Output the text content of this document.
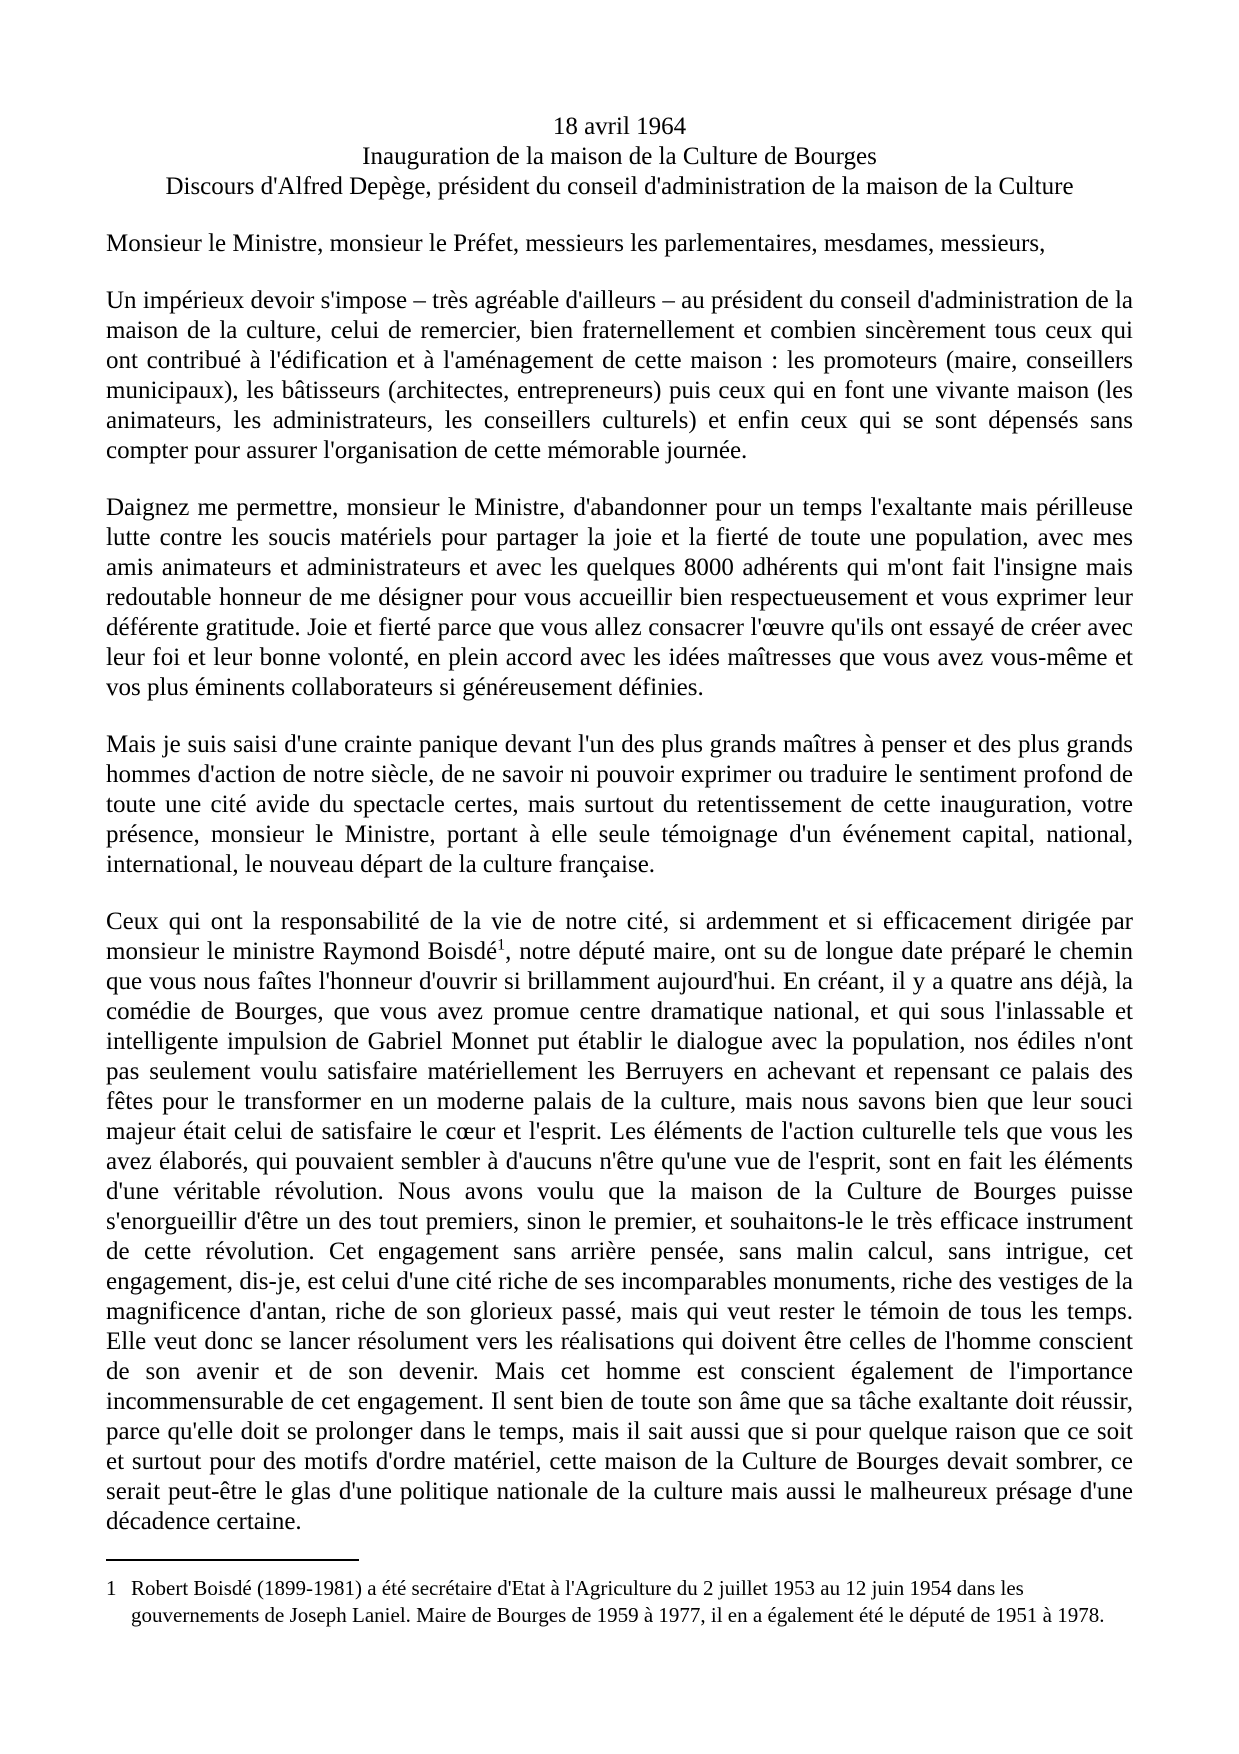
18 avril 1964

Inauguration de la maison de la Culture de Bourges

Discours d'Alfred Depège, président du conseil d'administration de la maison de la Culture

Monsieur le Ministre, monsieur le Préfet, messieurs les parlementaires, mesdames, messieurs,

Un impérieux devoir s'impose – très agréable d'ailleurs – au président du conseil d'administration de la maison de la culture, celui de remercier, bien fraternellement et combien sincèrement tous ceux qui ont contribué à l'édification et à l'aménagement de cette maison : les promoteurs (maire, conseillers municipaux), les bâtisseurs (architectes, entrepreneurs) puis ceux qui en font une vivante maison (les animateurs, les administrateurs, les conseillers culturels) et enfin ceux qui se sont dépensés sans compter pour assurer l'organisation de cette mémorable journée.

Daignez me permettre, monsieur le Ministre, d'abandonner pour un temps l'exaltante mais périlleuse lutte contre les soucis matériels pour partager la joie et la fierté de toute une population, avec mes amis animateurs et administrateurs et avec les quelques 8000 adhérents qui m'ont fait l'insigne mais redoutable honneur de me désigner pour vous accueillir bien respectueusement et vous exprimer leur déférente gratitude. Joie et fierté parce que vous allez consacrer l'œuvre qu'ils ont essayé de créer avec leur foi et leur bonne volonté, en plein accord avec les idées maîtresses que vous avez vous-même et vos plus éminents collaborateurs si généreusement définies.

Mais je suis saisi d'une crainte panique devant l'un des plus grands maîtres à penser et des plus grands hommes d'action de notre siècle, de ne savoir ni pouvoir exprimer ou traduire le sentiment profond de toute une cité avide du spectacle certes, mais surtout du retentissement de cette inauguration, votre présence, monsieur le Ministre, portant à elle seule témoignage d'un événement capital, national, international, le nouveau départ de la culture française.

Ceux qui ont la responsabilité de la vie de notre cité, si ardemment et si efficacement dirigée par monsieur le ministre Raymond Boisdé$^1$, notre député maire, ont su de longue date préparé le chemin que vous nous faîtes l'honneur d'ouvrir si brillamment aujourd'hui. En créant, il y a quatre ans déjà, la comédie de Bourges, que vous avez promue centre dramatique national, et qui sous l'inlassable et intelligente impulsion de Gabriel Monnet put établir le dialogue avec la population, nos édiles n'ont pas seulement voulu satisfaire matériellement les Berruyers en achevant et repensant ce palais des fêtes pour le transformer en un moderne palais de la culture, mais nous savons bien que leur souci majeur était celui de satisfaire le cœur et l'esprit. Les éléments de l'action culturelle tels que vous les avez élaborés, qui pouvaient sembler à d'aucuns n'être qu'une vue de l'esprit, sont en fait les éléments d'une véritable révolution. Nous avons voulu que la maison de la Culture de Bourges puisse s'enorgueillir d'être un des tout premiers, sinon le premier, et souhaitons-le le très efficace instrument de cette révolution. Cet engagement sans arrière pensée, sans malin calcul, sans intrigue, cet engagement, dis-je, est celui d'une cité riche de ses incomparables monuments, riche des vestiges de la magnificence d'antan, riche de son glorieux passé, mais qui veut rester le témoin de tous les temps. Elle veut donc se lancer résolument vers les réalisations qui doivent être celles de l'homme conscient de son avenir et de son devenir. Mais cet homme est conscient également de l'importance incommensurable de cet engagement. Il sent bien de toute son âme que sa tâche exaltante doit réussir, parce qu'elle doit se prolonger dans le temps, mais il sait aussi que si pour quelque raison que ce soit et surtout pour des motifs d'ordre matériel, cette maison de la Culture de Bourges devait sombrer, ce serait peut-être le glas d'une politique nationale de la culture mais aussi le malheureux présage d'une décadence certaine.

1 Robert Boisdé (1899-1981) a été secrétaire d'Etat à l'Agriculture du 2 juillet 1953 au 12 juin 1954 dans les gouvernements de Joseph Laniel. Maire de Bourges de 1959 à 1977, il en a également été le député de 1951 à 1978.
